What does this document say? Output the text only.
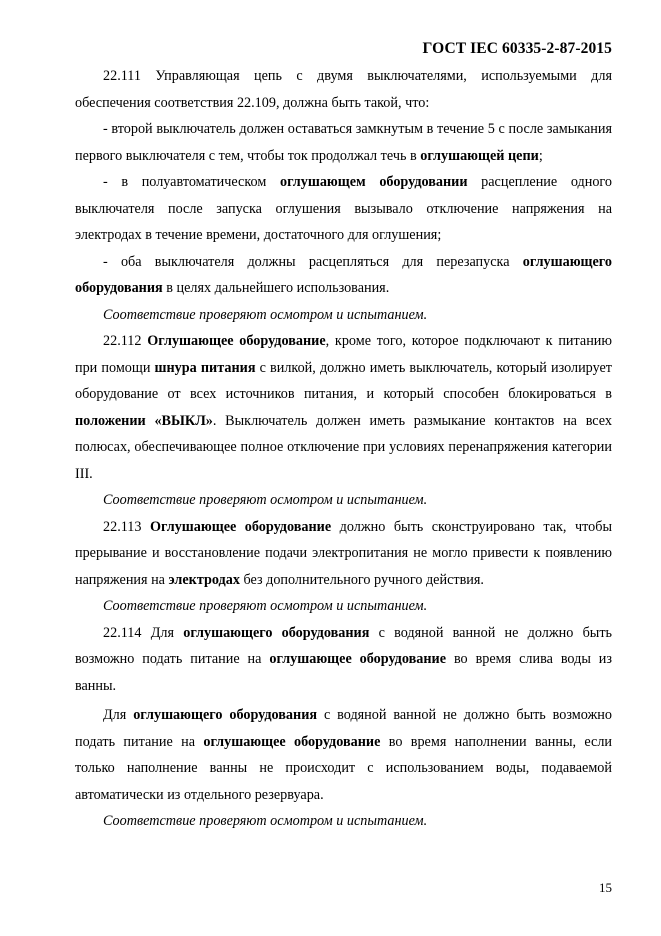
ГОСТ IEC 60335-2-87-2015

22.111 Управляющая цепь с двумя выключателями, используемыми для обеспечения соответствия 22.109, должна быть такой, что:

- второй выключатель должен оставаться замкнутым в течение 5 с после замыкания первого выключателя с тем, чтобы ток продолжал течь в оглушающей цепи;

- в полуавтоматическом оглушающем оборудовании расцепление одного выключателя после запуска оглушения вызывало отключение напряжения на электродах в течение времени, достаточного для оглушения;

- оба выключателя должны расцепляться для перезапуска оглушающего оборудования в целях дальнейшего использования.

Соответствие проверяют осмотром и испытанием.

22.112 Оглушающее оборудование, кроме того, которое подключают к питанию при помощи шнура питания с вилкой, должно иметь выключатель, который изолирует оборудование от всех источников питания, и который способен блокироваться в положении «ВЫКЛ». Выключатель должен иметь размыкание контактов на всех полюсах, обеспечивающее полное отключение при условиях перенапряжения категории III.

Соответствие проверяют осмотром и испытанием.

22.113 Оглушающее оборудование должно быть сконструировано так, чтобы прерывание и восстановление подачи электропитания не могло привести к появлению напряжения на электродах без дополнительного ручного действия.

Соответствие проверяют осмотром и испытанием.

22.114 Для оглушающего оборудования с водяной ванной не должно быть возможно подать питание на оглушающее оборудование во время слива воды из ванны.

Для оглушающего оборудования с водяной ванной не должно быть возможно подать питание на оглушающее оборудование во время наполнении ванны, если только наполнение ванны не происходит с использованием воды, подаваемой автоматически из отдельного резервуара.

Соответствие проверяют осмотром и испытанием.

15
